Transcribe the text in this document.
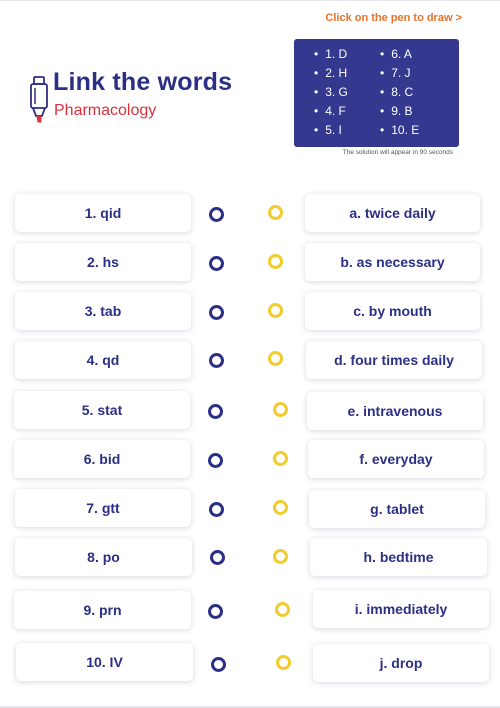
Click on the pen to draw >
Link the words
Pharmacology
• 1. D
• 2. H
• 3. G
• 4. F
• 5. I
• 6. A
• 7. J
• 8. C
• 9. B
• 10. E
The solution will appear in 90 seconds
1. qid	a. twice daily
2. hs	b. as necessary
3. tab	c. by mouth
4. qd	d. four times daily
5. stat	e. intravenous
6. bid	f. everyday
7. gtt	g. tablet
8. po	h. bedtime
9. prn	i. immediately
10. IV	j. drop
